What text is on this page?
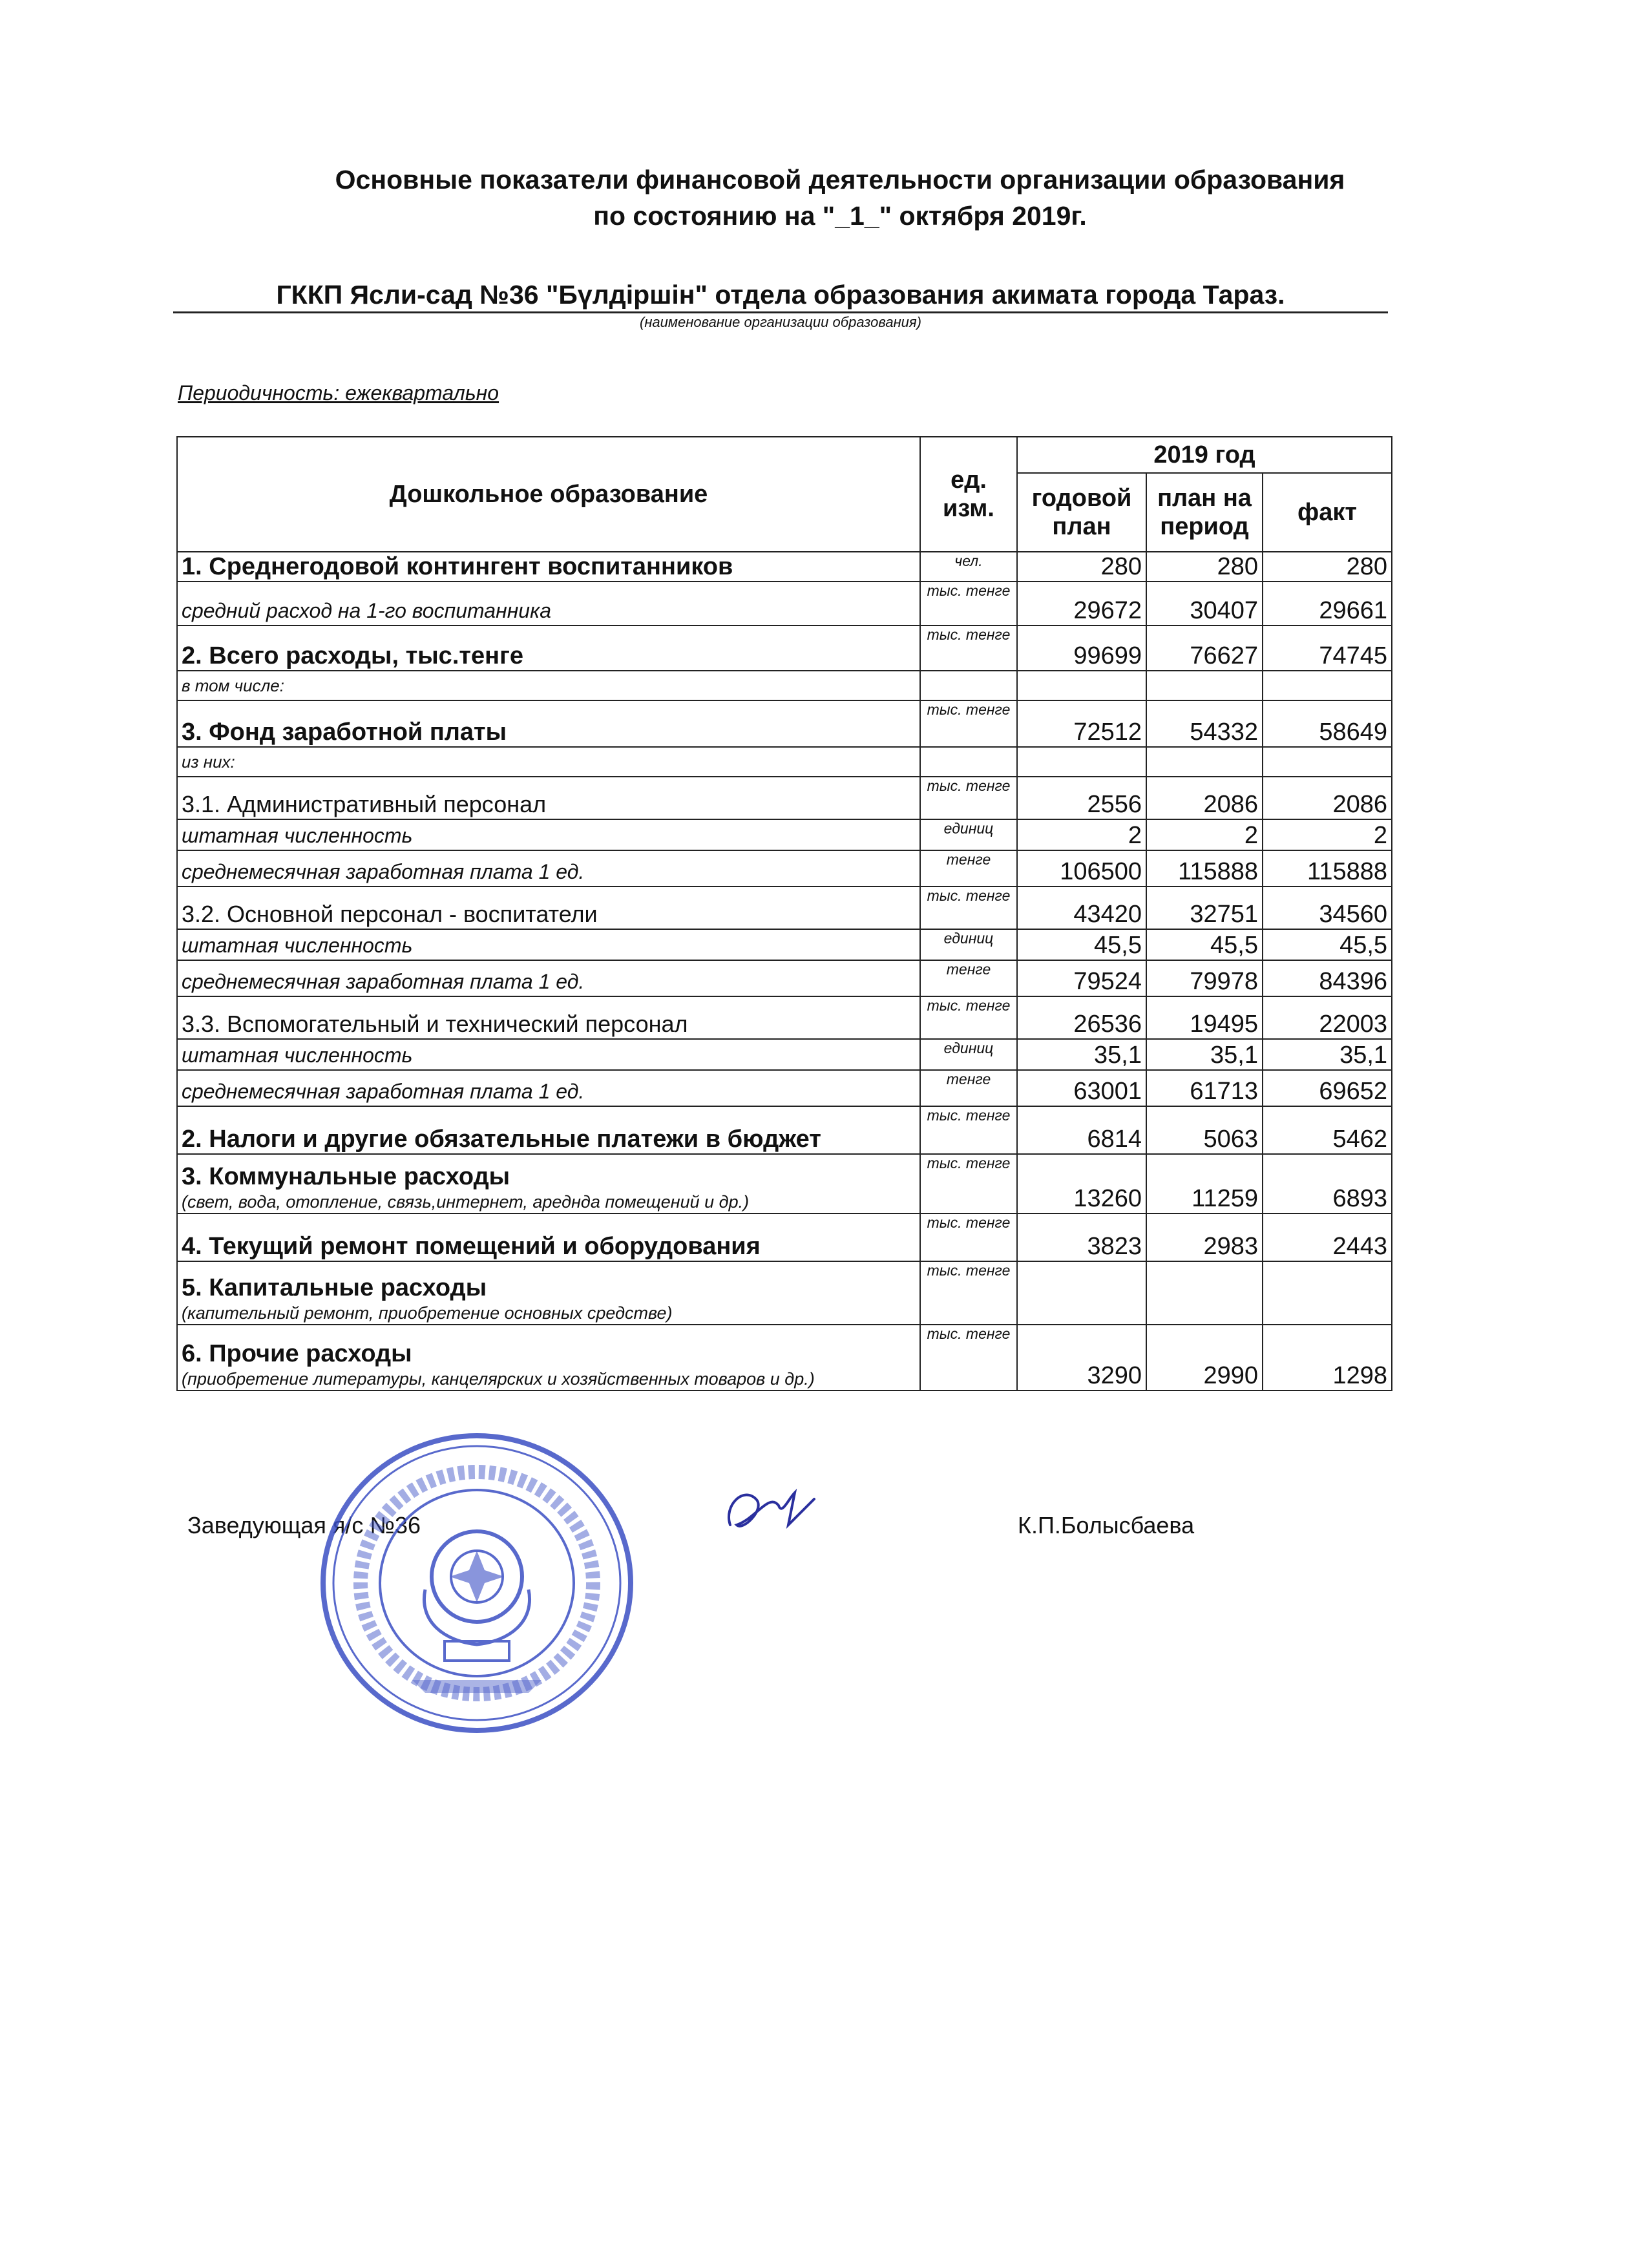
Основные показатели финансовой деятельности организации образования
по состоянию на "_1_" октября 2019г.
ГККП Ясли-сад №36 "Бүлдіршін" отдела образования акимата города Тараз.
(наименование организации образования)
Периодичность: ежеквартально
Дошкольное образование	ед. изм.	2019 год		
		годовой план	план на период	факт

1. Среднегодовой контингент воспитанников	чел.	280	280	280

средний расход на 1-го воспитанника	тыс. тенге	29672	30407	29661

2. Всего расходы, тыс.тенге	тыс. тенге	99699	76627	74745

в том числе:				

3. Фонд заработной платы	тыс. тенге	72512	54332	58649

из них:				

3.1. Административный персонал	тыс. тенге	2556	2086	2086

штатная численность	единиц	2	2	2

среднемесячная заработная плата 1 ед.	тенге	106500	115888	115888

3.2. Основной персонал - воспитатели	тыс. тенге	43420	32751	34560

штатная численность	единиц	45,5	45,5	45,5

среднемесячная заработная плата 1 ед.	тенге	79524	79978	84396

3.3. Вспомогательный и технический персонал	тыс. тенге	26536	19495	22003

штатная численность	единиц	35,1	35,1	35,1

среднемесячная заработная плата 1 ед.	тенге	63001	61713	69652

2. Налоги и другие обязательные платежи в бюджет	тыс. тенге	6814	5063	5462

3. Коммунальные расходы
(свет, вода, отопление, связь,интернет, ареднда помещений и др.)	тыс. тенге	13260	11259	6893

4. Текущий ремонт помещений и оборудования	тыс. тенге	3823	2983	2443

5. Капитальные расходы
(капительный ремонт, приобретение основных средстве)	тыс. тенге			

6. Прочие расходы
(приобретение литературы, канцелярских и хозяйственных товаров и др.)	тыс. тенге	3290	2990	1298
Заведующая я/с №36	К.П.Болысбаева
